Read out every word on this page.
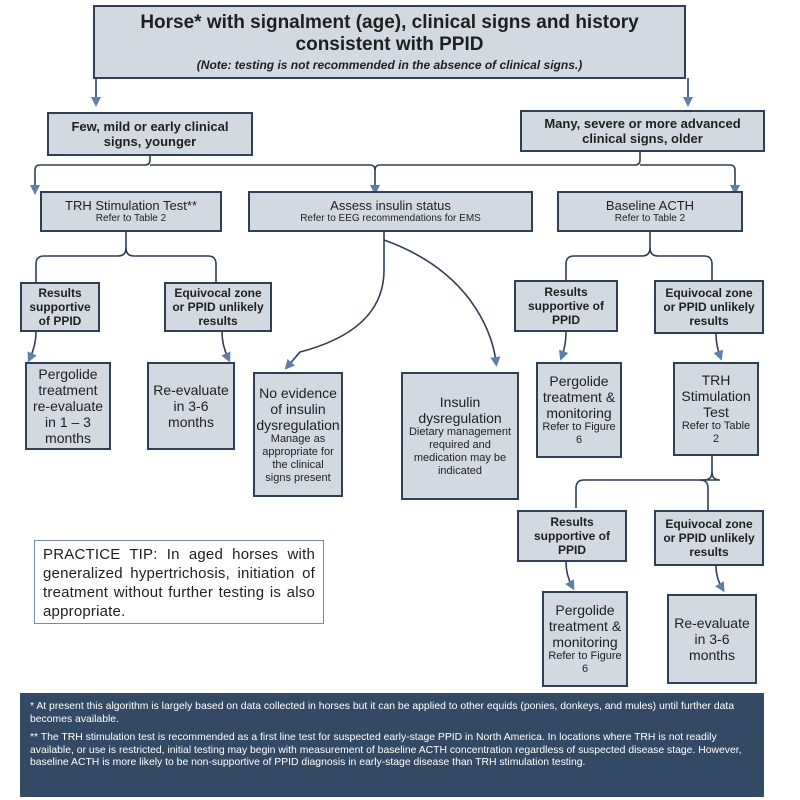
Horse* with signalment (age), clinical signs and history consistent with PPID
(Note: testing is not recommended in the absence of clinical signs.)
Few, mild or early clinical signs, younger
Many, severe or more advanced clinical signs, older
TRH Stimulation Test**
Refer to Table 2
Assess insulin status
Refer to EEG recommendations for EMS
Baseline ACTH
Refer to Table 2
Results supportive of PPID
Equivocal zone or PPID unlikely results
Pergolide treatment re-evaluate in 1 – 3 months
Re-evaluate in 3-6 months
No evidence of insulin dysregulation
Manage as appropriate for the clinical signs present
Insulin dysregulation
Dietary management required and medication may be indicated
Results supportive of PPID
Equivocal zone or PPID unlikely results
Pergolide treatment & monitoring
Refer to Figure 6
TRH Stimulation Test
Refer to Table 2
Results supportive of PPID
Equivocal zone or PPID unlikely results
Pergolide treatment & monitoring
Refer to Figure 6
Re-evaluate in 3-6 months
PRACTICE TIP: In aged horses with generalized hypertrichosis, initiation of treatment without further testing is also appropriate.

* At present this algorithm is largely based on data collected in horses but it can be applied to other equids (ponies, donkeys, and mules) until further data becomes available.

** The TRH stimulation test is recommended as a first line test for suspected early-stage PPID in North America. In locations where TRH is not readily available, or use is restricted, initial testing may begin with measurement of baseline ACTH concentration regardless of suspected disease stage. However, baseline ACTH is more likely to be non-supportive of PPID diagnosis in early-stage disease than TRH stimulation testing.
